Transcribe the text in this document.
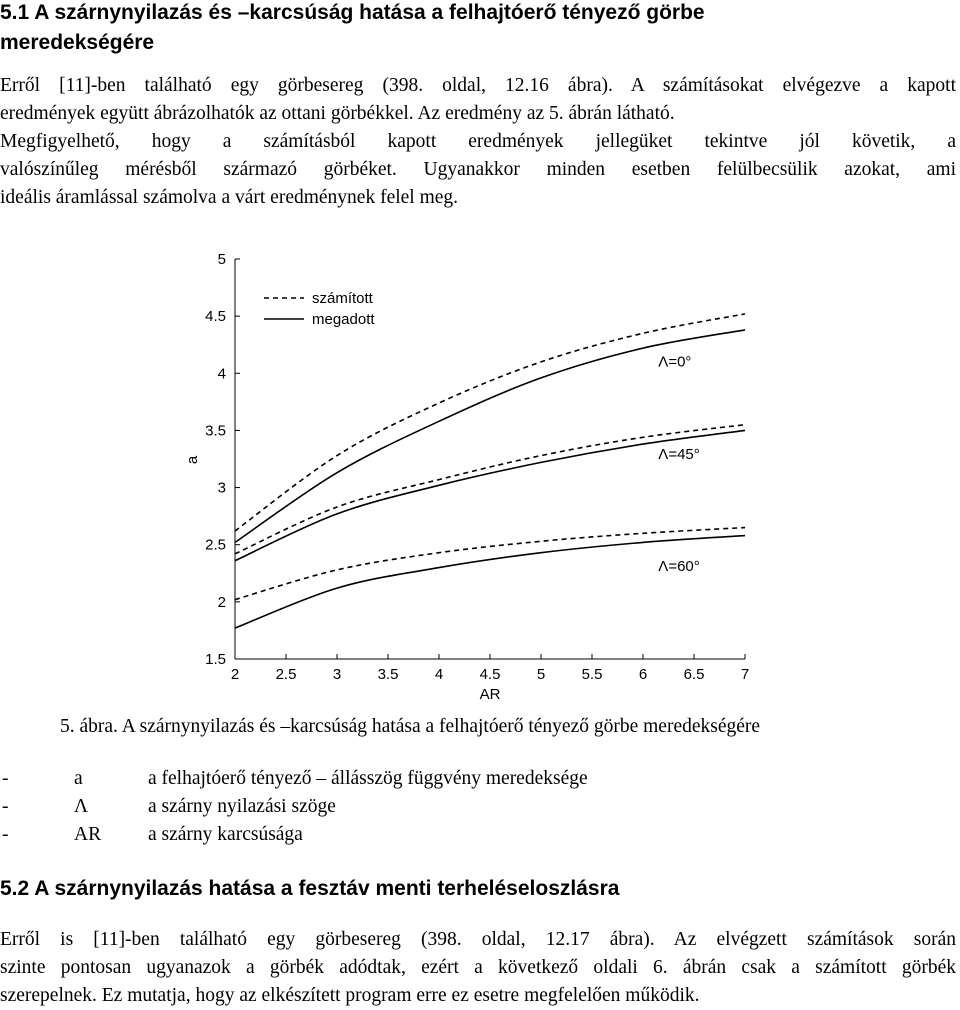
5.1 A szárnynyilazás és –karcsúság hatása a felhajtóerő tényező görbe
meredekségére
Erről [11]-ben található egy görbesereg (398. oldal, 12.16 ábra). A számításokat elvégezve a kapott
eredmények együtt ábrázolhatók az ottani görbékkel. Az eredmény az 5. ábrán látható.
Megfigyelhető, hogy a számításból kapott eredmények jellegüket tekintve jól követik, a
valószínűleg mérésből származó görbéket. Ugyanakkor minden esetben felülbecsülik azokat, ami
ideális áramlással számolva a várt eredménynek felel meg.
2 2.5 3 3.5 4 4.5 5 5.5 6 6.5 7
1.5
2
2.5
3
3.5
4
4.5
5
AR
a
számított
megadott
Λ=0°
Λ=45°
Λ=60°
5. ábra. A szárnynyilazás és –karcsúság hatása a felhajtóerő tényező görbe meredekségére
-	a	a felhajtóerő tényező – állásszög függvény meredeksége
-	Λ	a szárny nyilazási szöge
-	AR a szárny karcsúsága
5.2 A szárnynyilazás hatása a fesztáv menti terheléseloszlásra
Erről is [11]-ben található egy görbesereg (398. oldal, 12.17 ábra). Az elvégzett számítások során
szinte pontosan ugyanazok a görbék adódtak, ezért a következő oldali 6. ábrán csak a számított görbék
szerepelnek. Ez mutatja, hogy az elkészített program erre ez esetre megfelelően működik.
